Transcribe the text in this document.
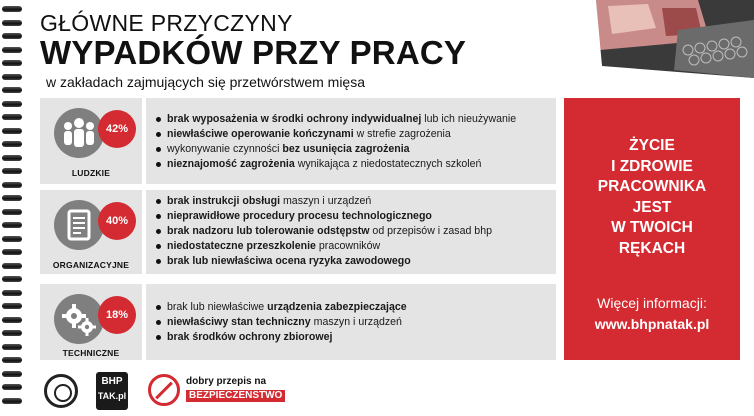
GŁÓWNE PRZYCZYNY
WYPADKÓW PRZY PRACY
w zakładach zajmujących się przetwórstwem mięsa
42%
LUDZKIE
brak wyposażenia w środki ochrony indywidualnej lub ich nieużywanie
niewłaściwe operowanie kończynami w strefie zagrożenia
wykonywanie czynności bez usunięcia zagrożenia
nieznajomość zagrożenia wynikająca z niedostatecznych szkoleń
40%
ORGANIZACYJNE
brak instrukcji obsługi maszyn i urządzeń
nieprawidłowe procedury procesu technologicznego
brak nadzoru lub tolerowanie odstępstw od przepisów i zasad bhp
niedostateczne przeszkolenie pracowników
brak lub niewłaściwa ocena ryzyka zawodowego
18%
TECHNICZNE
brak lub niewłaściwe urządzenia zabezpieczające
niewłaściwy stan techniczny maszyn i urządzeń
brak środków ochrony zbiorowej
ŻYCIE
I ZDROWIE
PRACOWNIKA
JEST
W TWOICH
RĘKACH
Więcej informacji:
www.bhpnatak.pl
BHP
TAK.pl
dobry przepis na
BEZPIECZEŃSTWO
